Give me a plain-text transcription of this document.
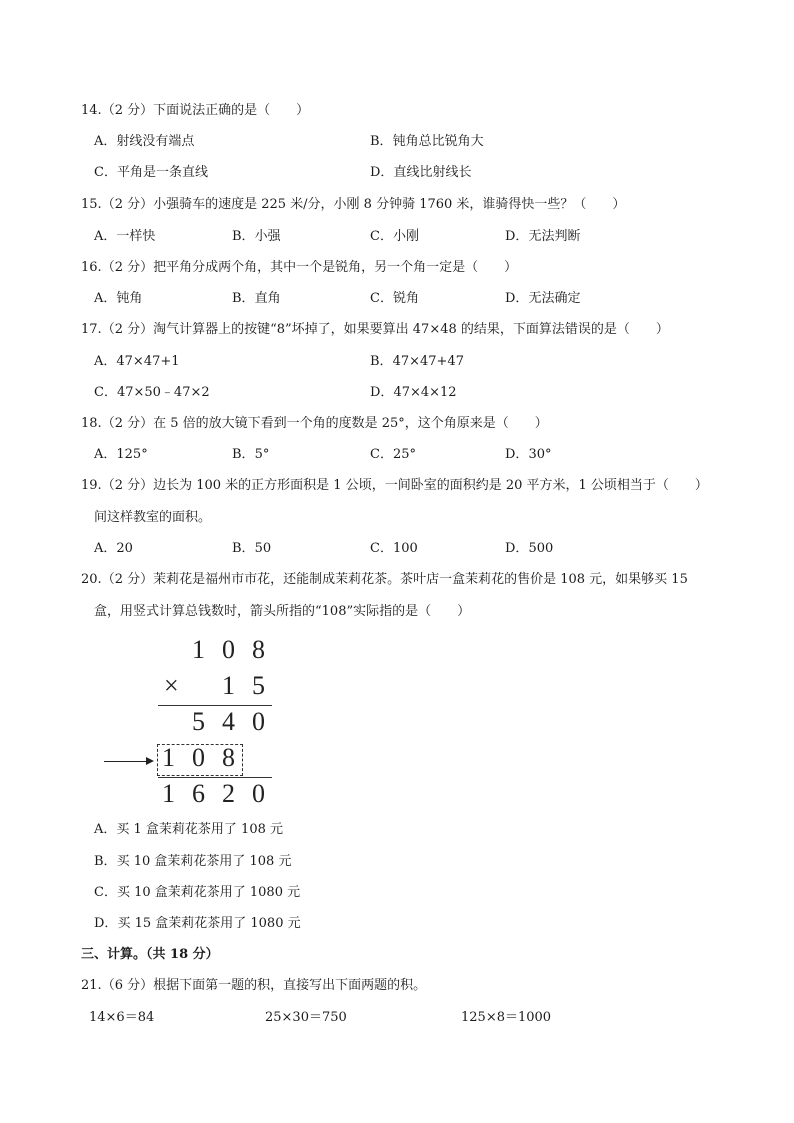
14.（2 分）下面说法正确的是（　　）
A．射线没有端点	B．钝角总比锐角大
C．平角是一条直线	D．直线比射线长
15.（2 分）小强骑车的速度是 225 米/分，小刚 8 分钟骑 1760 米，谁骑得快一些？（　　）
A．一样快	B．小强	C．小刚	D．无法判断
16.（2 分）把平角分成两个角，其中一个是锐角，另一个角一定是（　　）
A．钝角	B．直角	C．锐角	D．无法确定
17.（2 分）淘气计算器上的按键“8”坏掉了，如果要算出 47×48 的结果，下面算法错误的是（　　）
A．47×47+1	B．47×47+47
C．47×50﹣47×2	D．47×4×12
18.（2 分）在 5 倍的放大镜下看到一个角的度数是 25°，这个角原来是（　　）
A．125°	B．5°	C．25°	D．30°
19.（2 分）边长为 100 米的正方形面积是 1 公顷，一间卧室的面积约是 20 平方米，1 公顷相当于（　　）
间这样教室的面积。
A．20	B．50	C．100	D．500
20.（2 分）茉莉花是福州市市花，还能制成茉莉花茶。茶叶店一盒茉莉花的售价是 108 元，如果够买 15
盒，用竖式计算总钱数时，箭头所指的“108”实际指的是（　　）
1 0 8
× 1 5
5 4 0
1 0 8
1 6 2 0
A．买 1 盒茉莉花茶用了 108 元
B．买 10 盒茉莉花茶用了 108 元
C．买 10 盒茉莉花茶用了 1080 元
D．买 15 盒茉莉花茶用了 1080 元
三、计算。（共 18 分）
21.（6 分）根据下面第一题的积，直接写出下面两题的积。
14×6＝84	25×30＝750	125×8＝1000
